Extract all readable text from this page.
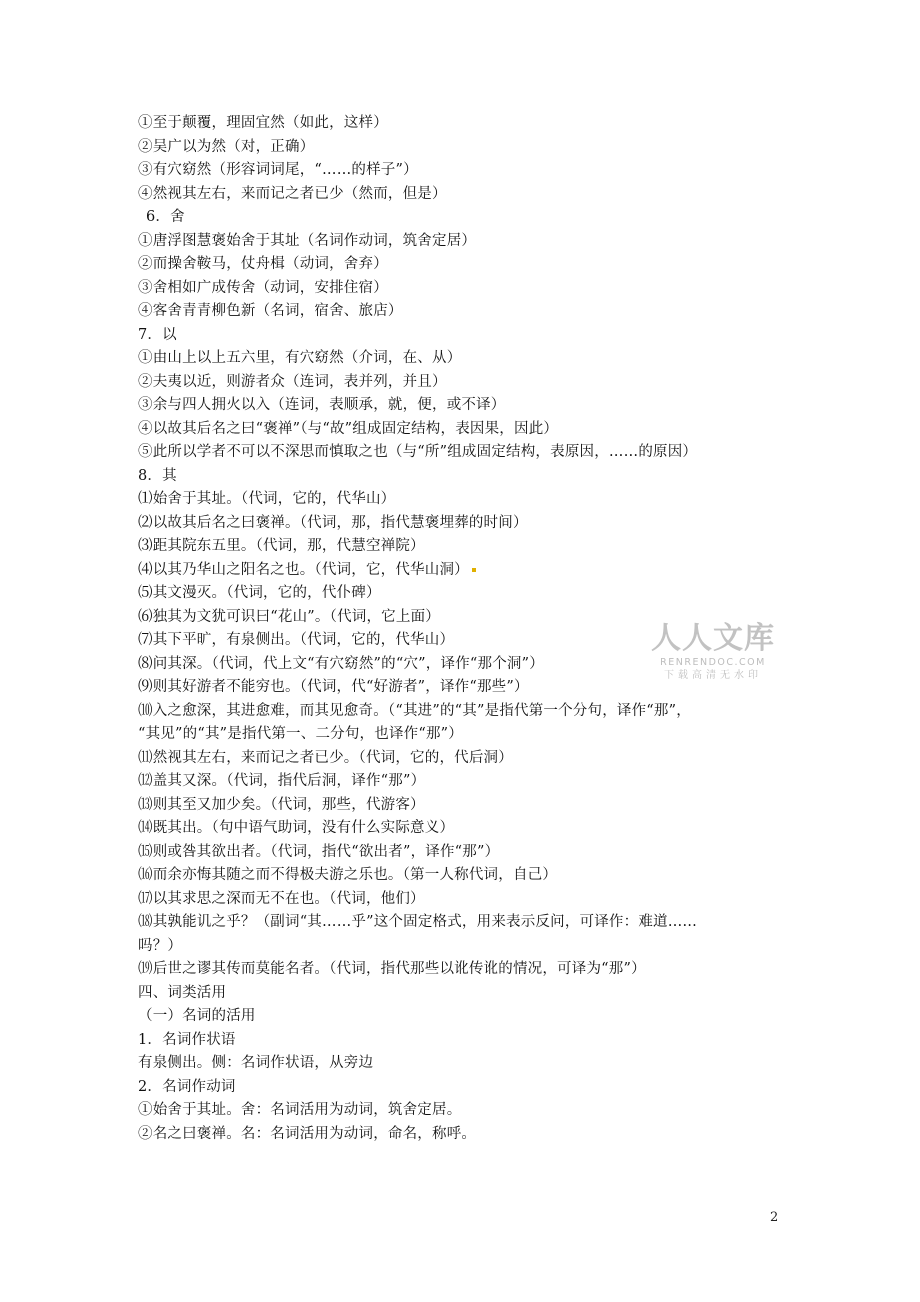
①至于颠覆，理固宜然（如此，这样）
②吴广以为然（对，正确）
③有穴窈然（形容词词尾，“……的样子”）
④然视其左右，来而记之者已少（然而，但是）
6．舍
①唐浮图慧褒始舍于其址（名词作动词，筑舍定居）
②而操舍鞍马，仗舟楫（动词，舍弃）
③舍相如广成传舍（动词，安排住宿）
④客舍青青柳色新（名词，宿舍、旅店）
7．以
①由山上以上五六里，有穴窈然（介词，在、从）
②夫夷以近，则游者众（连词，表并列，并且）
③余与四人拥火以入（连词，表顺承，就，便，或不译）
④以故其后名之曰“褒禅”（与“故”组成固定结构，表因果，因此）
⑤此所以学者不可以不深思而慎取之也（与“所”组成固定结构，表原因，……的原因）
8．其
⑴始舍于其址。（代词，它的，代华山）
⑵以故其后名之曰褒禅。（代词，那，指代慧褒埋葬的时间）
⑶距其院东五里。（代词，那，代慧空禅院）
⑷以其乃华山之阳名之也。（代词，它，代华山洞）
⑸其文漫灭。（代词，它的，代仆碑）
⑹独其为文犹可识曰“花山”。（代词，它上面）
⑺其下平旷，有泉侧出。（代词，它的，代华山）
⑻问其深。（代词，代上文“有穴窈然”的“穴”，译作“那个洞”）
⑼则其好游者不能穷也。（代词，代“好游者”，译作“那些”）
⑽入之愈深，其进愈难，而其见愈奇。（“其进”的“其”是指代第一个分句，译作“那”，
“其见”的“其”是指代第一、二分句，也译作“那”）
⑾然视其左右，来而记之者已少。（代词，它的，代后洞）
⑿盖其又深。（代词，指代后洞，译作“那”）
⒀则其至又加少矣。（代词，那些，代游客）
⒁既其出。（句中语气助词，没有什么实际意义）
⒂则或咎其欲出者。（代词，指代“欲出者”，译作“那”）
⒃而余亦悔其随之而不得极夫游之乐也。（第一人称代词，自己）
⒄以其求思之深而无不在也。（代词，他们）
⒅其孰能讥之乎？（副词“其……乎”这个固定格式，用来表示反问，可译作：难道……
吗？）
⒆后世之谬其传而莫能名者。（代词，指代那些以讹传讹的情况，可译为“那”）
四、词类活用
（一）名词的活用
1．名词作状语
有泉侧出。侧：名词作状语，从旁边
2．名词作动词
①始舍于其址。舍：名词活用为动词，筑舍定居。
②名之曰褒禅。名：名词活用为动词，命名，称呼。
人人文库
RENRENDOC.COM
下载高清无水印
2
